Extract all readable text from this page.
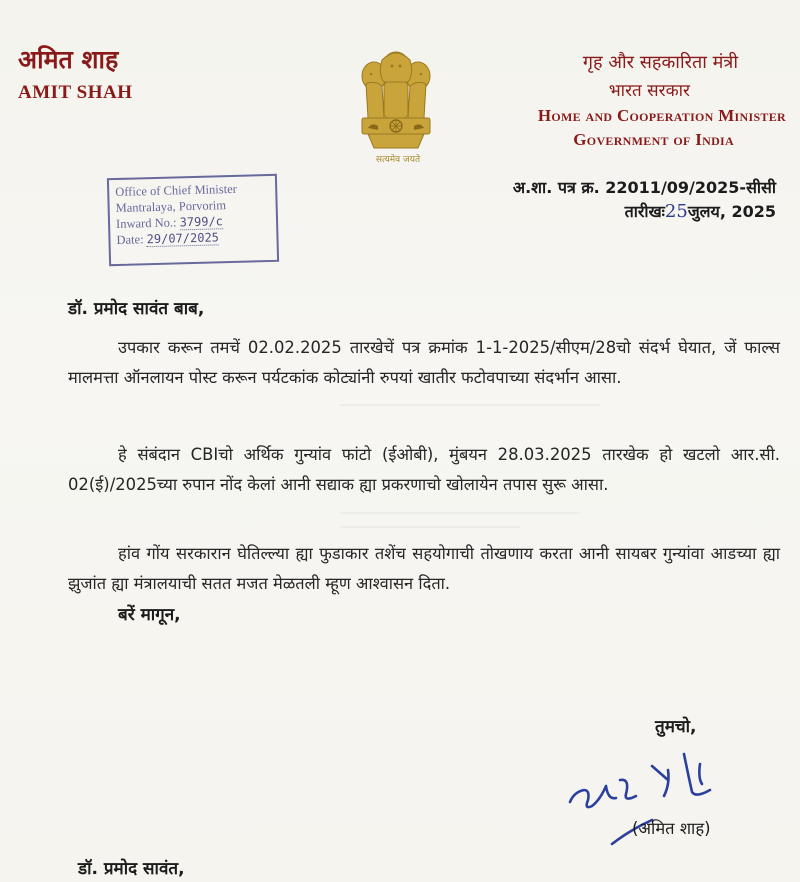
अमित शाह
AMIT SHAH
सत्यमेव जयते
गृह और सहकारिता मंत्री
भारत सरकार
Home and Cooperation Minister
Government of India
Office of Chief Minister
Mantralaya, Porvorim
Inward No.: 3799/c
Date: 29/07/2025
अ.शा. पत्र क्र. 22011/09/2025-सीसी
तारीखः25जुलय, 2025
डॉ. प्रमोद सावंत बाब,
उपकार करून तमचें 02.02.2025 तारखेचें पत्र क्रमांक 1-1-2025/सीएम/28चो संदर्भ घेयात, जें फाल्स मालमत्ता ऑनलायन पोस्ट करून पर्यटकांक कोट्यांनी रुपयां खातीर फटोवपाच्या संदर्भान आसा.
हे संबंदान CBIचो अर्थिक गुन्यांव फांटो (ईओबी), मुंबयन 28.03.2025 तारखेक हो खटलो आर.सी. 02(ई)/2025च्या रुपान नोंद केलां आनी सद्याक ह्या प्रकरणाचो खोलायेन तपास सुरू आसा.
हांव गोंय सरकारान घेतिल्ल्या ह्या फुडाकार तशेंच सहयोगाची तोखणाय करता आनी सायबर गुन्यांवा आडच्या ह्या झुजांत ह्या मंत्रालयाची सतत मजत मेळतली म्हूण आश्वासन दिता.
बरें मागून,
तुमचो,
(अमित शाह)
डॉ. प्रमोद सावंत,
